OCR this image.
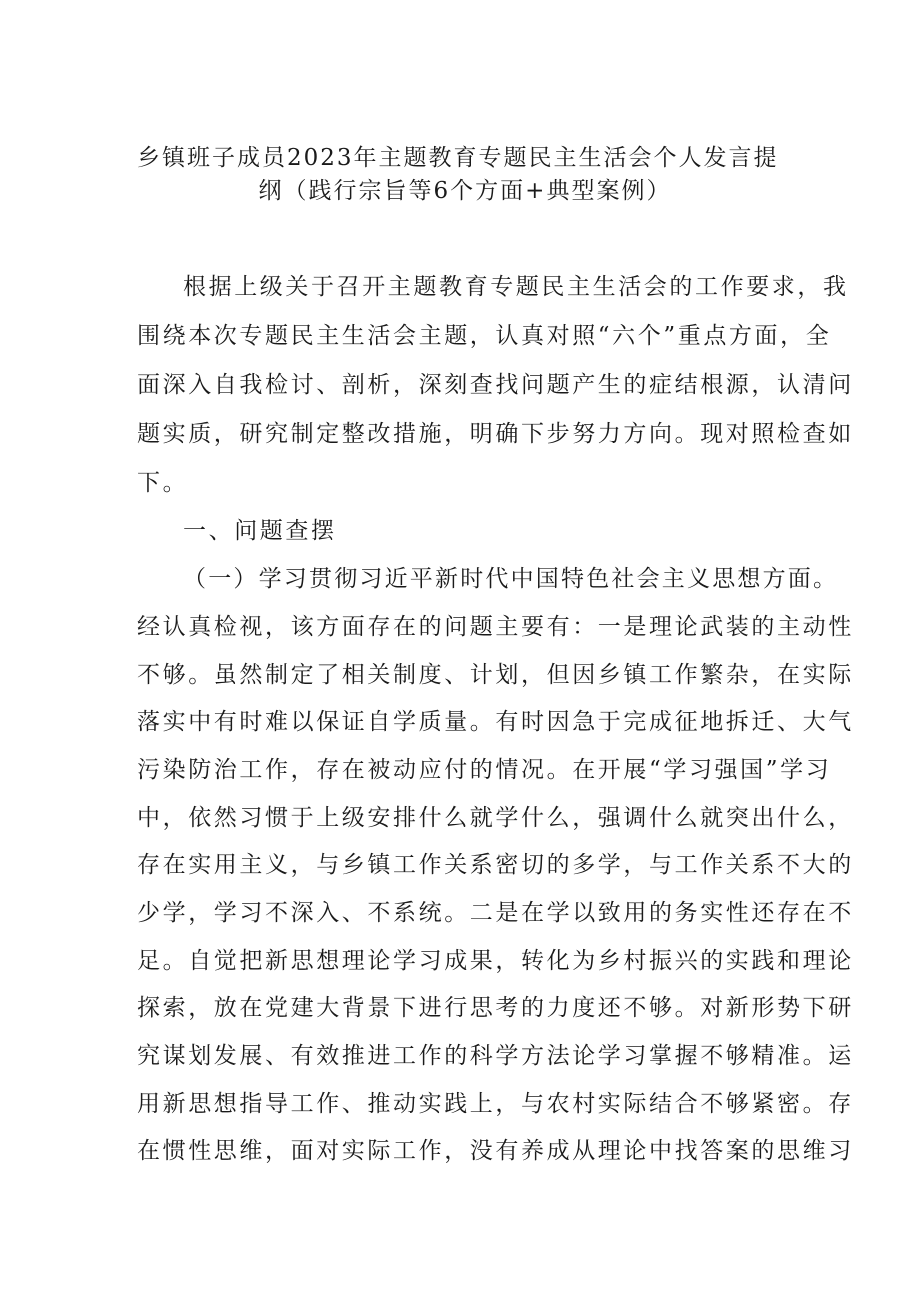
乡镇班子成员2023年主题教育专题民主生活会个人发言提
纲（践行宗旨等6个方面+典型案例）
根据上级关于召开主题教育专题民主生活会的工作要求，我
围绕本次专题民主生活会主题，认真对照“六个”重点方面，全
面深入自我检讨、剖析，深刻查找问题产生的症结根源，认清问
题实质，研究制定整改措施，明确下步努力方向。现对照检查如
下。
一、问题查摆
（一）学习贯彻习近平新时代中国特色社会主义思想方面。
经认真检视，该方面存在的问题主要有：一是理论武装的主动性
不够。虽然制定了相关制度、计划，但因乡镇工作繁杂，在实际
落实中有时难以保证自学质量。有时因急于完成征地拆迁、大气
污染防治工作，存在被动应付的情况。在开展“学习强国”学习
中，依然习惯于上级安排什么就学什么，强调什么就突出什么，
存在实用主义，与乡镇工作关系密切的多学，与工作关系不大的
少学，学习不深入、不系统。二是在学以致用的务实性还存在不
足。自觉把新思想理论学习成果，转化为乡村振兴的实践和理论
探索，放在党建大背景下进行思考的力度还不够。对新形势下研
究谋划发展、有效推进工作的科学方法论学习掌握不够精准。运
用新思想指导工作、推动实践上，与农村实际结合不够紧密。存
在惯性思维，面对实际工作，没有养成从理论中找答案的思维习
